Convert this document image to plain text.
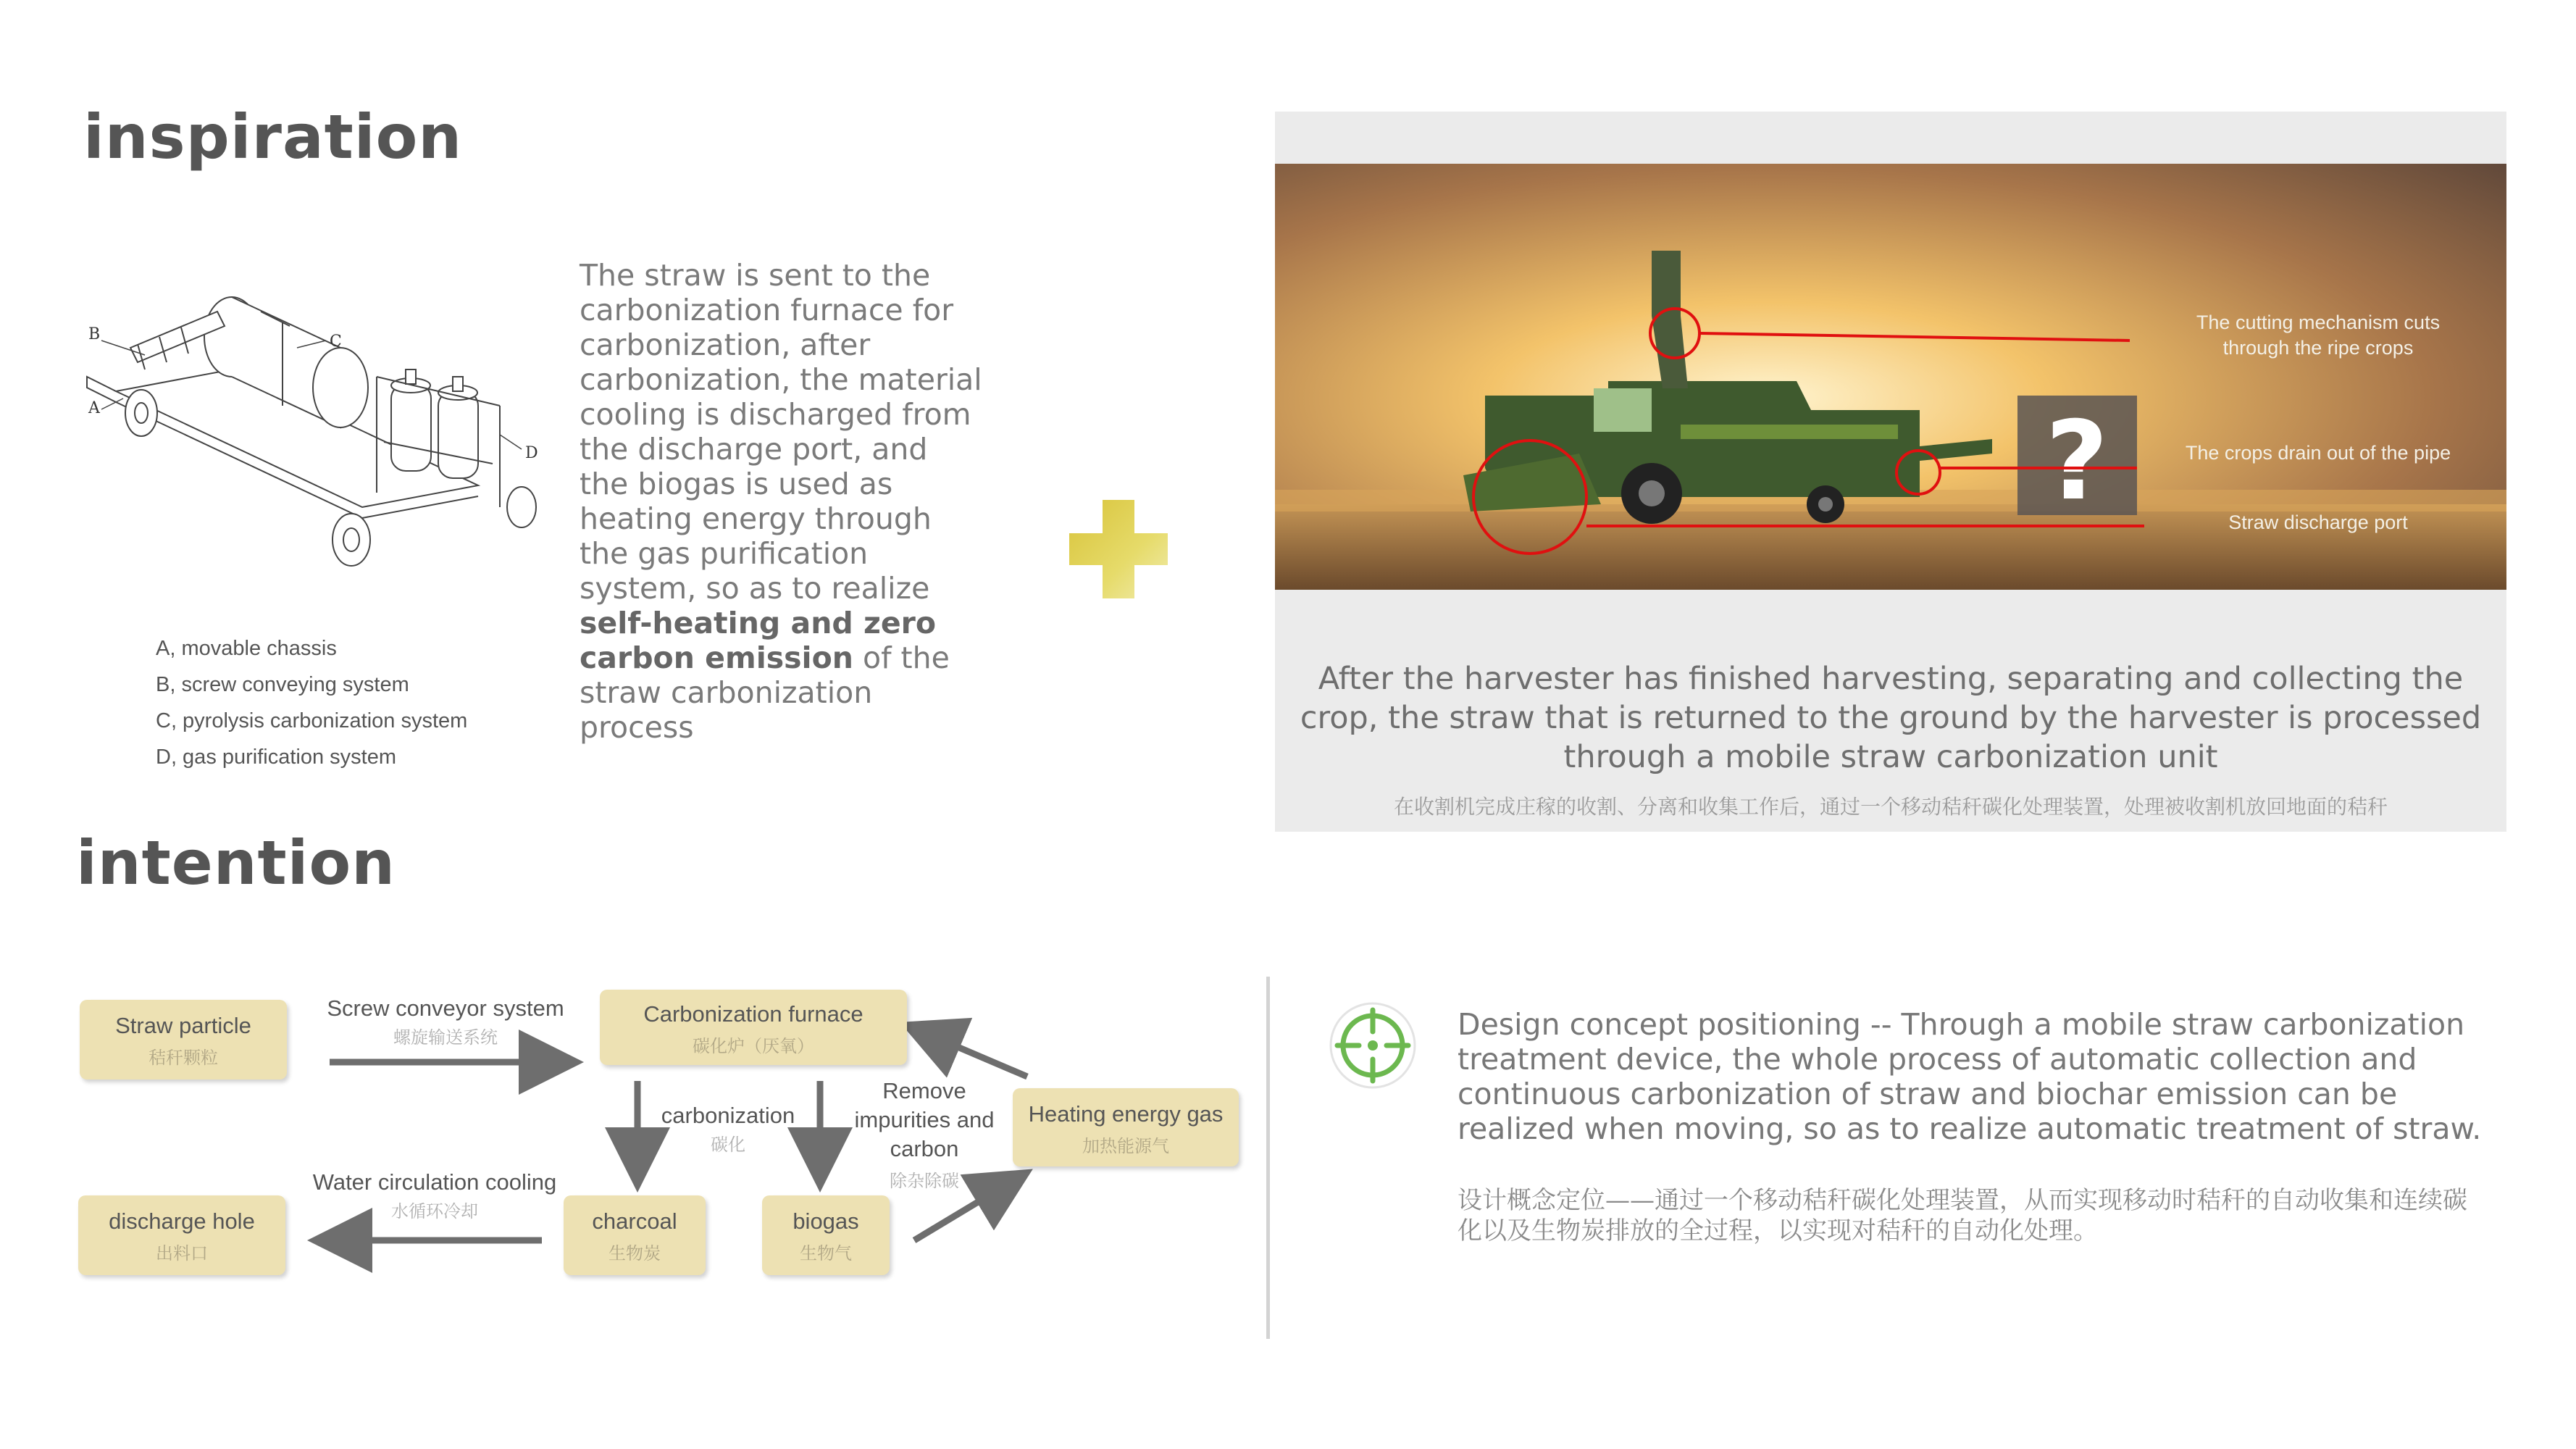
inspiration
B
A
C
D
A, movable chassis
B, screw conveying system
C, pyrolysis carbonization system
D, gas purification system
The straw is sent to the carbonization furnace for carbonization, after carbonization, the material cooling is discharged from the discharge port, and the biogas is used as heating energy through the gas purification system, so as to realize self-heating and zero carbon emission of the straw carbonization process
?
The cutting mechanism cuts
through the ripe crops
The crops drain out of the pipe
Straw discharge port
After the harvester has finished harvesting, separating and collecting the crop, the straw that is returned to the ground by the harvester is processed through a mobile straw carbonization unit
在收割机完成庄稼的收割、分离和收集工作后，通过一个移动秸秆碳化处理装置，处理被收割机放回地面的秸秆
intention
Straw particle
秸秆颗粒
Screw conveyor system
螺旋输送系统
Carbonization furnace
碳化炉（厌氧）
carbonization
碳化
Remove impurities and carbon
除杂除碳
Heating energy gas
加热能源气
Water circulation cooling
水循环冷却
discharge hole
出料口
charcoal
生物炭
biogas
生物气
Design concept positioning -- Through a mobile straw carbonization treatment device, the whole process of automatic collection and continuous carbonization of straw and biochar emission can be realized when moving, so as to realize automatic treatment of straw.
设计概念定位——通过一个移动秸秆碳化处理装置，从而实现移动时秸秆的自动收集和连续碳化以及生物炭排放的全过程，以实现对秸秆的自动化处理。
